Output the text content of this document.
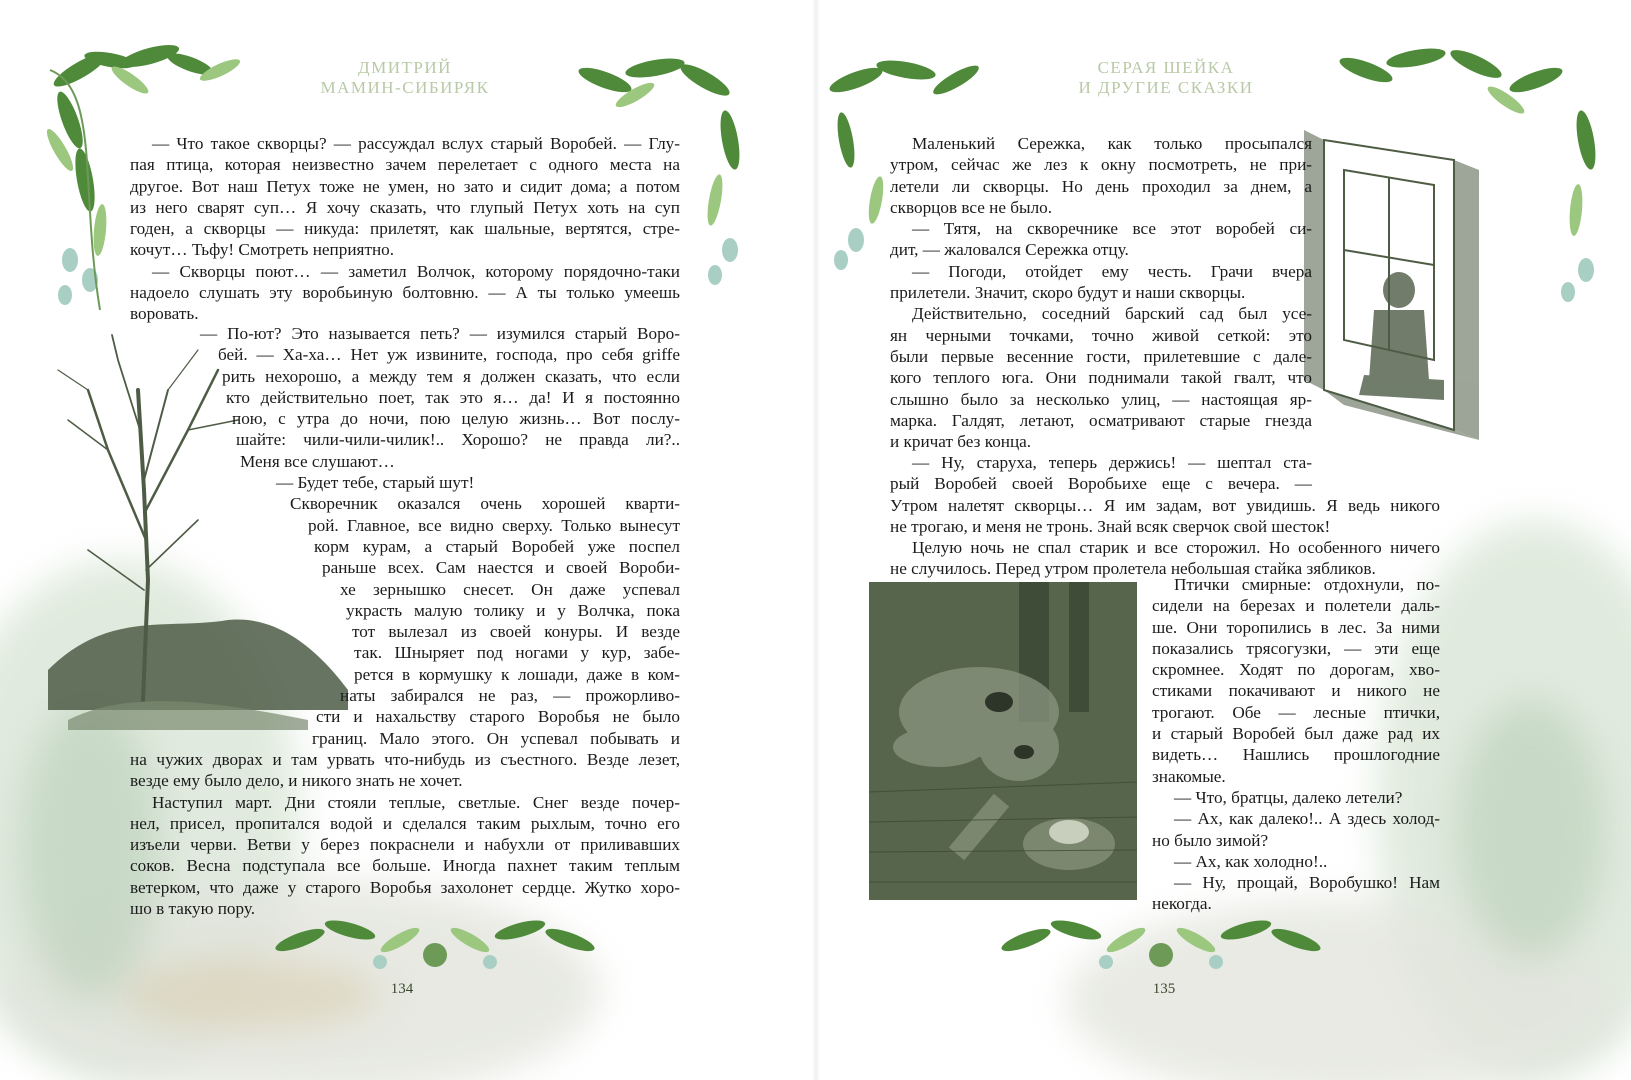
ДМИТРИЙ
МАМИН-СИБИРЯК

— Что такое скворцы? — рассуждал вслух старый Воробей. — Глу-

пая птица, которая неизвестно зачем перелетает с одного места на

другое. Вот наш Петух тоже не умен, но зато и сидит дома; а потом

из него сварят суп… Я хочу сказать, что глупый Петух хоть на суп

годен, а скворцы — никуда: прилетят, как шальные, вертятся, стре-

кочут… Тьфу! Смотреть неприятно.

— Скворцы поют… — заметил Волчок, которому порядочно-таки

надоело слушать эту воробьиную болтовню. — А ты только умеешь

воровать.

— По-ют? Это называется петь? — изумился старый Воро-

бей. — Ха-ха… Нет уж извините, господа, про себя griffe

рить нехорошо, а между тем я должен сказать, что если

кто действительно поет, так это я… да! И я постоянно

пою, с утра до ночи, пою целую жизнь… Вот послу-

шайте: чили-чили-чилик!.. Хорошо? не правда ли?..

Меня все слушают…

— Будет тебе, старый шут!

Скворечник оказался очень хорошей кварти-

рой. Главное, все видно сверху. Только вынесут

корм курам, а старый Воробей уже поспел

раньше всех. Сам наестся и своей Вороби-

хе зернышко снесет. Он даже успевал

украсть малую толику и у Волчка, пока

тот вылезал из своей конуры. И везде

так. Шныряет под ногами у кур, забе-

рется в кормушку к лошади, даже в ком-

наты забирался не раз, — прожорливо-

сти и нахальству старого Воробья не было

границ. Мало этого. Он успевал побывать и

на чужих дворах и там урвать что-нибудь из съестного. Везде лезет,

везде ему было дело, и никого знать не хочет.

Наступил март. Дни стояли теплые, светлые. Снег везде почер-

нел, присел, пропитался водой и сделался таким рыхлым, точно его

изъели черви. Ветви у берез покраснели и набухли от приливавших

соков. Весна подступала все больше. Иногда пахнет таким теплым

ветерком, что даже у старого Воробья захолонет сердце. Жутко хоро-

шо в такую пору.

134
СЕРАЯ ШЕЙКА
И ДРУГИЕ СКАЗКИ

Маленький Сережка, как только просыпался

утром, сейчас же лез к окну посмотреть, не при-

летели ли скворцы. Но день проходил за днем, а

скворцов все не было.

— Тятя, на скворечнике все этот воробей си-

дит, — жаловался Сережка отцу.

— Погоди, отойдет ему честь. Грачи вчера

прилетели. Значит, скоро будут и наши скворцы.

Действительно, соседний барский сад был усе-

ян черными точками, точно живой сеткой: это

были первые весенние гости, прилетевшие с дале-

кого теплого юга. Они поднимали такой гвалт, что

слышно было за несколько улиц, — настоящая яр-

марка. Галдят, летают, осматривают старые гнезда

и кричат без конца.

— Ну, старуха, теперь держись! — шептал ста-

рый Воробей своей Воробьихе еще с вечера. —

Утром налетят скворцы… Я им задам, вот увидишь. Я ведь никого

не трогаю, и меня не тронь. Знай всяк сверчок свой шесток!

Целую ночь не спал старик и все сторожил. Но особенного ничего

не случилось. Перед утром пролетела небольшая стайка зябликов.

Птички смирные: отдохнули, по-

сидели на березах и полетели даль-

ше. Они торопились в лес. За ними

показались трясогузки, — эти еще

скромнее. Ходят по дорогам, хво-

стиками покачивают и никого не

трогают. Обе — лесные птички,

и старый Воробей был даже рад их

видеть… Нашлись прошлогодние

знакомые.

— Что, братцы, далеко летели?

— Ах, как далеко!.. А здесь холод-

но было зимой?

— Ах, как холодно!..

— Ну, прощай, Воробушко! Нам

некогда.

135
